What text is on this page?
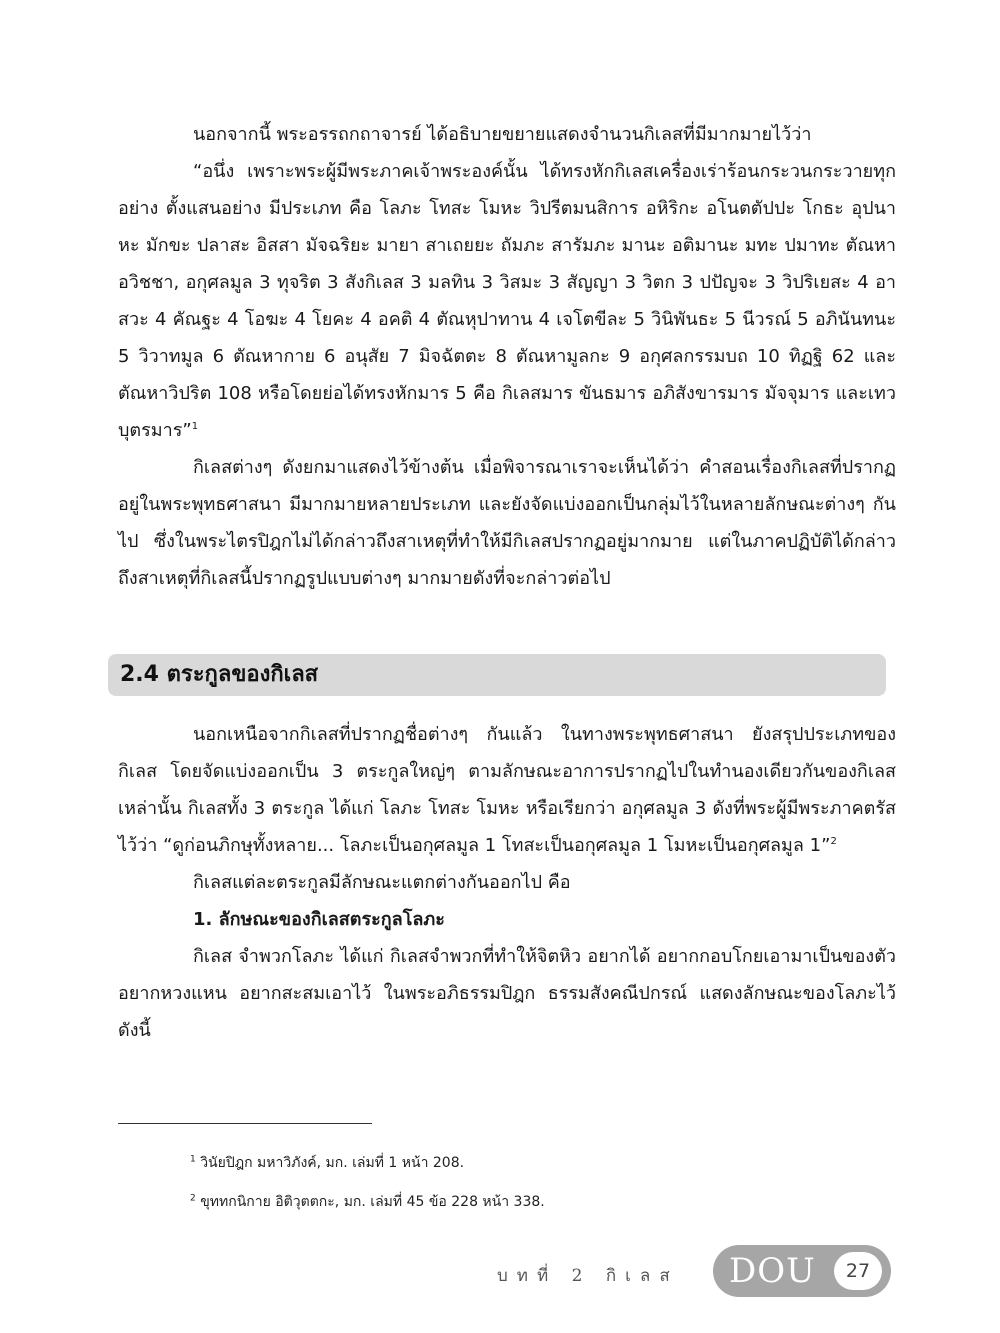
นอกจากนี้ พระอรรถกถาจารย์ ได้อธิบายขยายแสดงจำนวนกิเลสที่มีมากมายไว้ว่า

“อนึ่ง เพราะพระผู้มีพระภาคเจ้าพระองค์นั้น ได้ทรงหักกิเลสเครื่องเร่าร้อนกระวนกระวายทุกอย่าง ตั้งแสนอย่าง มีประเภท คือ โลภะ โทสะ โมหะ วิปรีตมนสิการ อหิริกะ อโนตตัปปะ โกธะ อุปนาหะ มักขะ ปลาสะ อิสสา มัจฉริยะ มายา สาเถยยะ ถัมภะ สารัมภะ มานะ อติมานะ มทะ ปมาทะ ตัณหา อวิชชา, อกุศลมูล 3 ทุจริต 3 สังกิเลส 3 มลทิน 3 วิสมะ 3 สัญญา 3 วิตก 3 ปปัญจะ 3 วิปริเยสะ 4 อาสวะ 4 คัณฐะ 4 โอฆะ 4 โยคะ 4 อคติ 4 ตัณหุปาทาน 4 เจโตขีละ 5 วินิพันธะ 5 นีวรณ์ 5 อภินันทนะ 5 วิวาทมูล 6 ตัณหากาย 6 อนุสัย 7 มิจฉัตตะ 8 ตัณหามูลกะ 9 อกุศลกรรมบถ 10 ทิฏฐิ 62 และตัณหาวิปริต 108 หรือโดยย่อได้ทรงหักมาร 5 คือ กิเลสมาร ขันธมาร อภิสังขารมาร มัจจุมาร และเทวบุตรมาร”$^1$

กิเลสต่างๆ ดังยกมาแสดงไว้ข้างต้น เมื่อพิจารณาเราจะเห็นได้ว่า คำสอนเรื่องกิเลสที่ปรากฏอยู่ในพระพุทธศาสนา มีมากมายหลายประเภท และยังจัดแบ่งออกเป็นกลุ่มไว้ในหลายลักษณะต่างๆ กันไป ซึ่งในพระไตรปิฎกไม่ได้กล่าวถึงสาเหตุที่ทำให้มีกิเลสปรากฏอยู่มากมาย แต่ในภาคปฏิบัติได้กล่าวถึงสาเหตุที่กิเลสนี้ปรากฏรูปแบบต่างๆ มากมายดังที่จะกล่าวต่อไป

2.4 ตระกูลของกิเลส

นอกเหนือจากกิเลสที่ปรากฏชื่อต่างๆ กันแล้ว ในทางพระพุทธศาสนา ยังสรุปประเภทของกิเลส โดยจัดแบ่งออกเป็น 3 ตระกูลใหญ่ๆ ตามลักษณะอาการปรากฏไปในทำนองเดียวกันของกิเลสเหล่านั้น กิเลสทั้ง 3 ตระกูล ได้แก่ โลภะ โทสะ โมหะ หรือเรียกว่า อกุศลมูล 3 ดังที่พระผู้มีพระภาคตรัสไว้ว่า “ดูก่อนภิกษุทั้งหลาย... โลภะเป็นอกุศลมูล 1 โทสะเป็นอกุศลมูล 1 โมหะเป็นอกุศลมูล 1”$^2$

กิเลสแต่ละตระกูลมีลักษณะแตกต่างกันออกไป คือ

1. ลักษณะของกิเลสตระกูลโลภะ

กิเลส จำพวกโลภะ ได้แก่ กิเลสจำพวกที่ทำให้จิตหิว อยากได้ อยากกอบโกยเอามาเป็นของตัว อยากหวงแหน อยากสะสมเอาไว้ ในพระอภิธรรมปิฎก ธรรมสังคณีปกรณ์ แสดงลักษณะของโลภะไว้ดังนี้

$^1$ วินัยปิฎก มหาวิภังค์, มก. เล่มที่ 1 หน้า 208.
$^2$ ขุททกนิกาย อิติวุตตกะ, มก. เล่มที่ 45 ข้อ 228 หน้า 338.
บทที่ 2 กิเลส DOU	27
